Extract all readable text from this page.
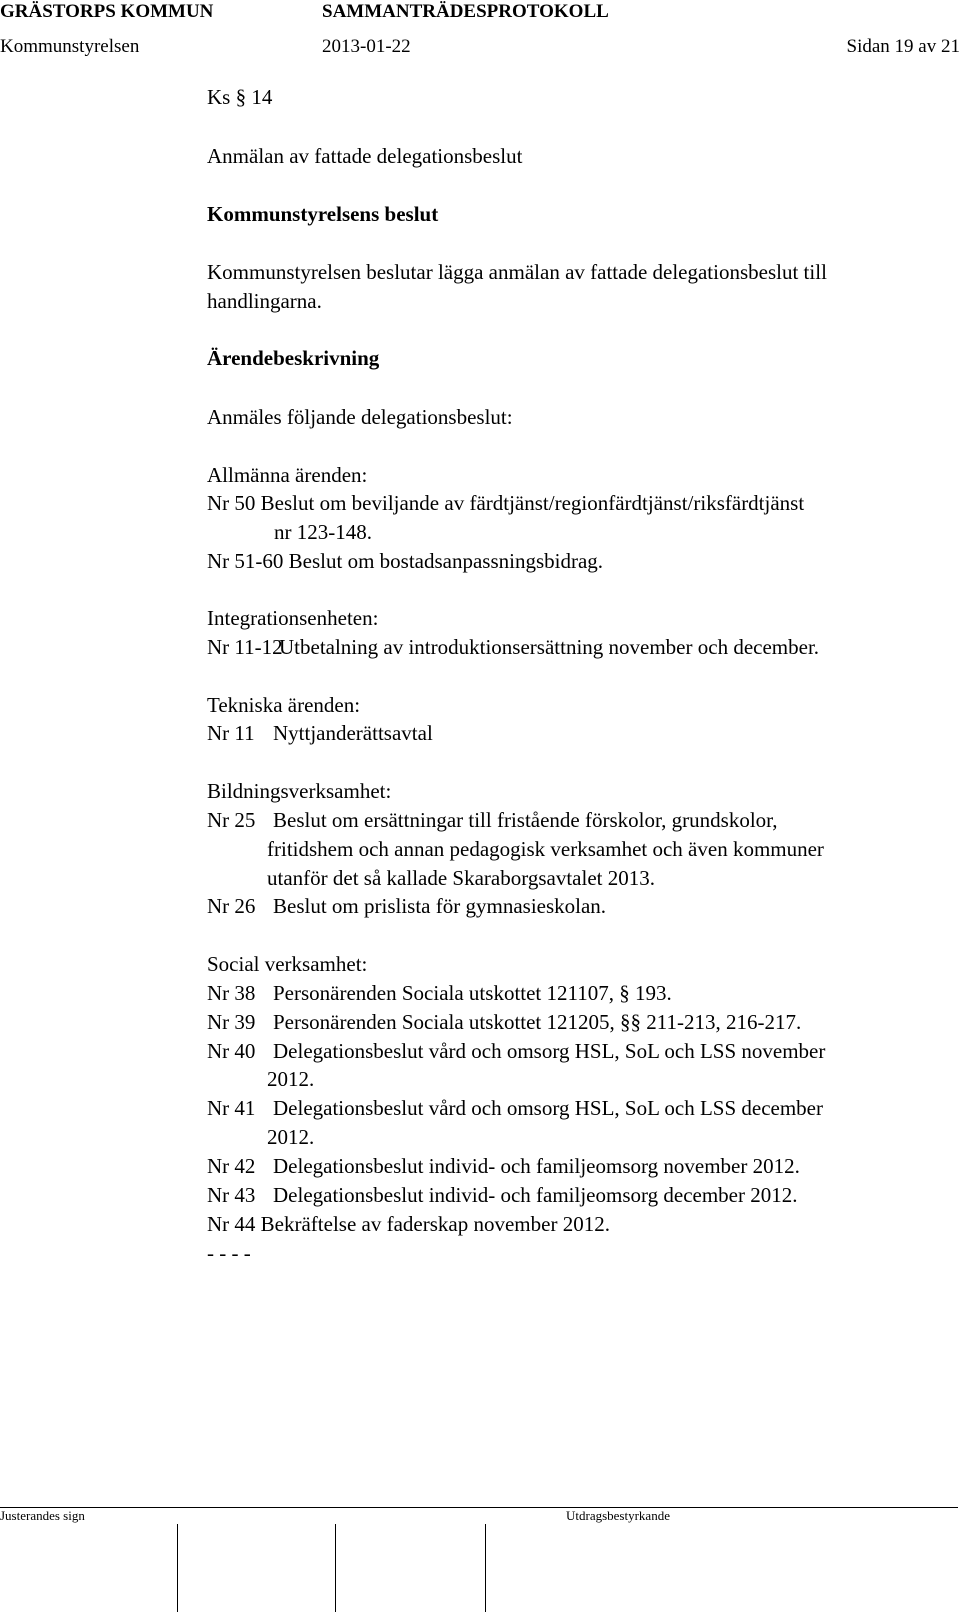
GRÄSTORPS KOMMUN	SAMMANTRÄDESPROTOKOLL
Kommunstyrelsen	2013-01-22	Sidan 19 av 21
Ks § 14
Anmälan av fattade delegationsbeslut
Kommunstyrelsens beslut
Kommunstyrelsen beslutar lägga anmälan av fattade delegationsbeslut till
handlingarna.
Ärendebeskrivning
Anmäles följande delegationsbeslut:
Allmänna ärenden:
Nr 50 Beslut om beviljande av färdtjänst/regionfärdtjänst/riksfärdtjänst
nr 123-148.
Nr 51-60 Beslut om bostadsanpassningsbidrag.
Integrationsenheten:
Nr 11-12Utbetalning av introduktionsersättning november och december.
Tekniska ärenden:
Nr 11 Nyttjanderättsavtal
Bildningsverksamhet:
Nr 25 Beslut om ersättningar till fristående förskolor, grundskolor,
fritidshem och annan pedagogisk verksamhet och även kommuner
utanför det så kallade Skaraborgsavtalet 2013.
Nr 26 Beslut om prislista för gymnasieskolan.
Social verksamhet:
Nr 38 Personärenden Sociala utskottet 121107, § 193.
Nr 39 Personärenden Sociala utskottet 121205, §§ 211-213, 216-217.
Nr 40 Delegationsbeslut vård och omsorg HSL, SoL och LSS november
2012.
Nr 41 Delegationsbeslut vård och omsorg HSL, SoL och LSS december
2012.
Nr 42 Delegationsbeslut individ- och familjeomsorg november 2012.
Nr 43 Delegationsbeslut individ- och familjeomsorg december 2012.
Nr 44 Bekräftelse av faderskap november 2012.
- - - -
Justerandes sign	Utdragsbestyrkande
